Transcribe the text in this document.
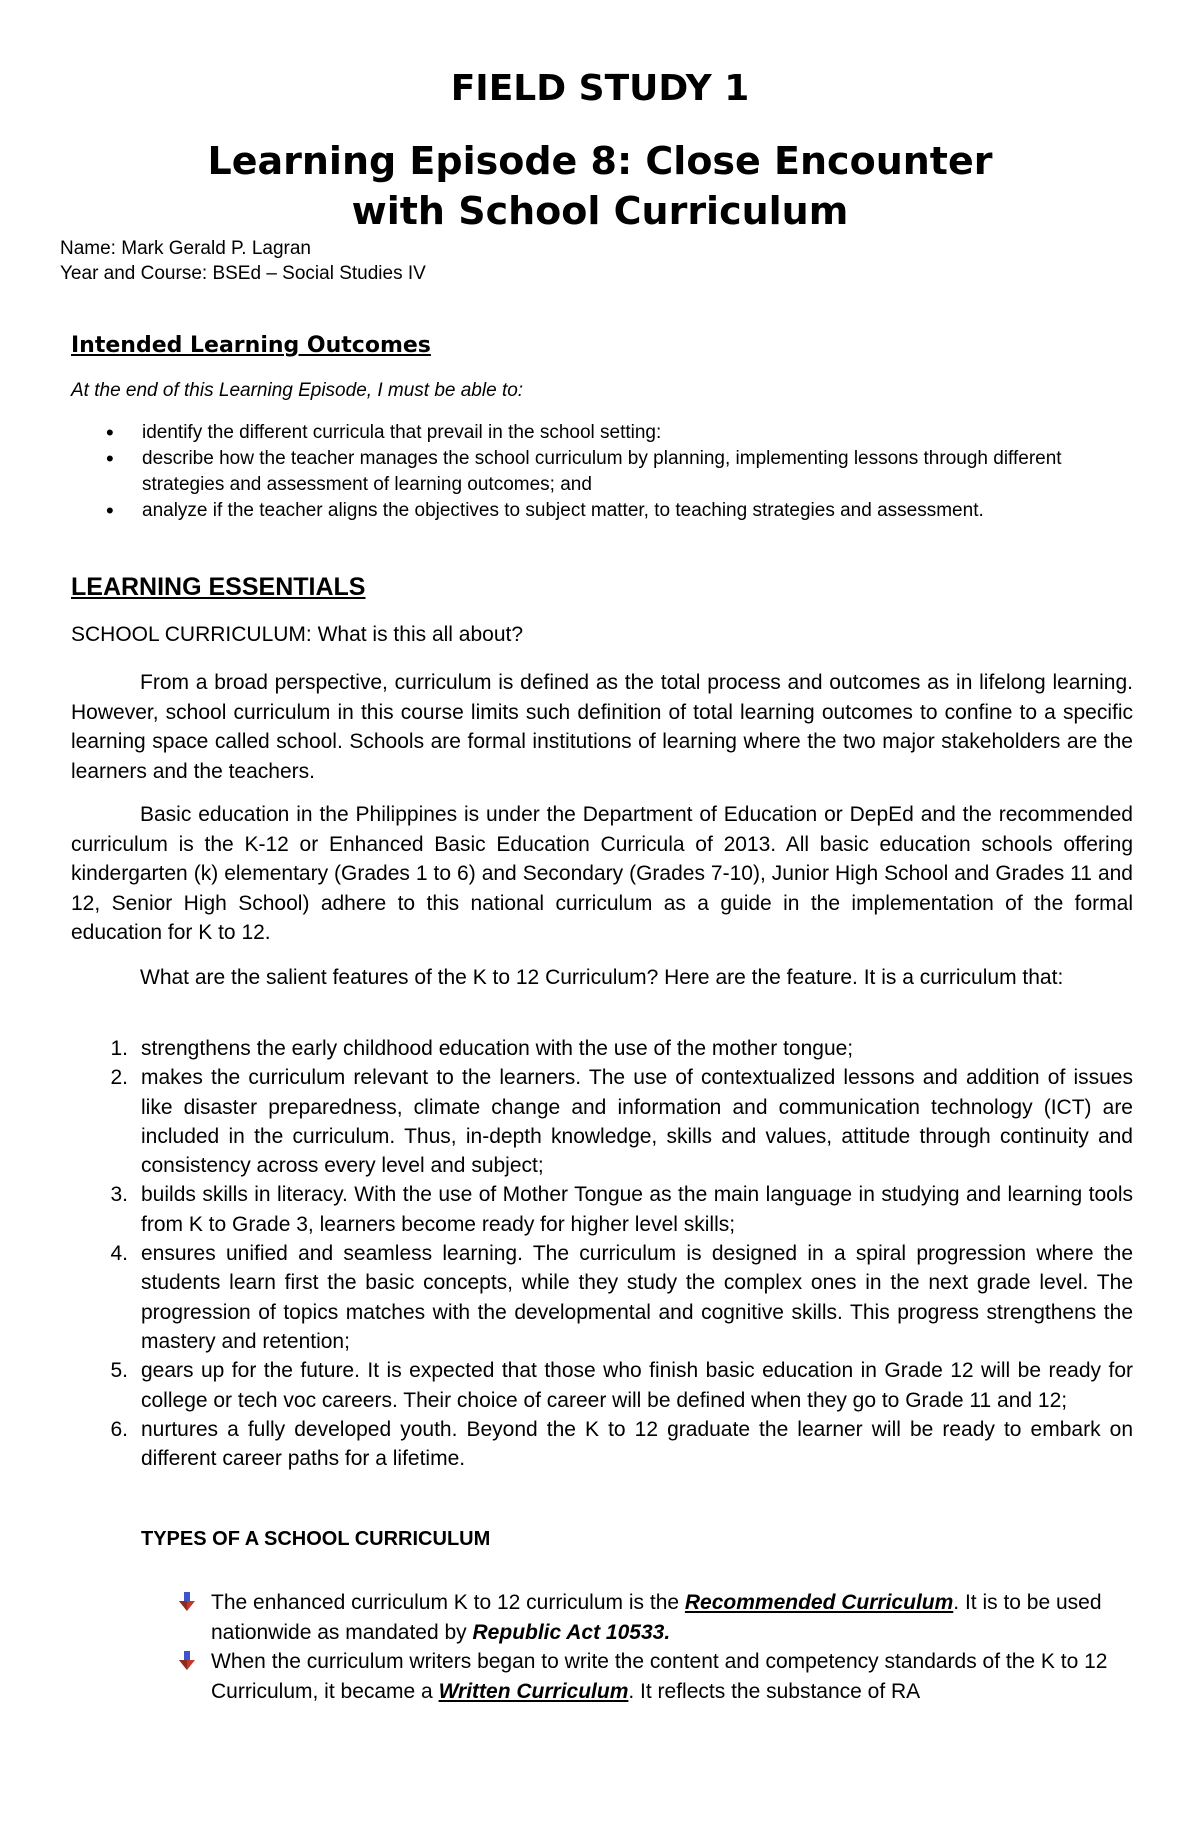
FIELD STUDY 1
Learning Episode 8: Close Encounter
with School Curriculum
Name: Mark Gerald P. Lagran
Year and Course: BSEd – Social Studies IV
Intended Learning Outcomes
At the end of this Learning Episode, I must be able to:
• identify the different curricula that prevail in the school setting:
• describe how the teacher manages the school curriculum by planning, implementing lessons through different strategies and assessment of learning outcomes; and
• analyze if the teacher aligns the objectives to subject matter, to teaching strategies and assessment.
LEARNING ESSENTIALS
SCHOOL CURRICULUM: What is this all about?

From a broad perspective, curriculum is defined as the total process and outcomes as in lifelong learning. However, school curriculum in this course limits such definition of total learning outcomes to confine to a specific learning space called school. Schools are formal institutions of learning where the two major stakeholders are the learners and the teachers.

Basic education in the Philippines is under the Department of Education or DepEd and the recommended curriculum is the K-12 or Enhanced Basic Education Curricula of 2013. All basic education schools offering kindergarten (k) elementary (Grades 1 to 6) and Secondary (Grades 7-10), Junior High School and Grades 11 and 12, Senior High School) adhere to this national curriculum as a guide in the implementation of the formal education for K to 12.

What are the salient features of the K to 12 Curriculum? Here are the feature. It is a curriculum that:

1. strengthens the early childhood education with the use of the mother tongue;
2. makes the curriculum relevant to the learners. The use of contextualized lessons and addition of issues like disaster preparedness, climate change and information and communication technology (ICT) are included in the curriculum. Thus, in-depth knowledge, skills and values, attitude through continuity and consistency across every level and subject;
3. builds skills in literacy. With the use of Mother Tongue as the main language in studying and learning tools from K to Grade 3, learners become ready for higher level skills;
4. ensures unified and seamless learning. The curriculum is designed in a spiral progression where the students learn first the basic concepts, while they study the complex ones in the next grade level. The progression of topics matches with the developmental and cognitive skills. This progress strengthens the mastery and retention;
5. gears up for the future. It is expected that those who finish basic education in Grade 12 will be ready for college or tech voc careers. Their choice of career will be defined when they go to Grade 11 and 12;
6. nurtures a fully developed youth. Beyond the K to 12 graduate the learner will be ready to embark on different career paths for a lifetime.
TYPES OF A SCHOOL CURRICULUM
The enhanced curriculum K to 12 curriculum is the Recommended Curriculum. It is to be used nationwide as mandated by Republic Act 10533.
When the curriculum writers began to write the content and competency standards of the K to 12 Curriculum, it became a Written Curriculum. It reflects the substance of RA
